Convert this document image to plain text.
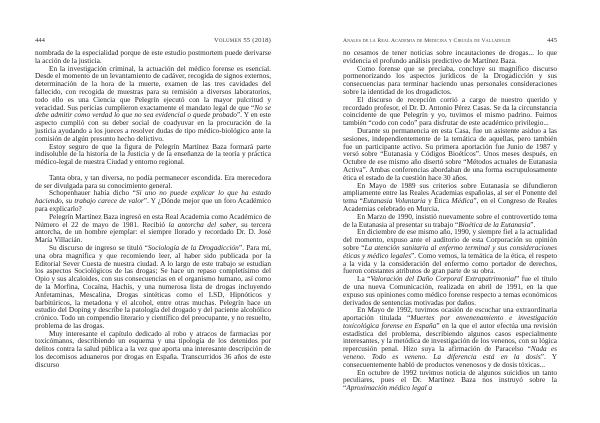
444	Volumen 55 (2018)	Anales de la Real Academia de Medicina y Cirugía de Valladolid	445

nombrada de la especialidad porque de este estudio postmortem puede derivarse la acción de la justicia.

En la investigación criminal, la actuación del médico forense es esencial. Desde el momento de un levantamiento de cadáver, recogida de signos externos, determinación de la hora de la muerte, examen de las tres cavidades del fallecido, con recogida de muestras para su remisión a diversos laboratorios, todo ello es una Ciencia que Pelegrín ejecutó con la mayor pulcritud y veracidad. Sus pericias cumplieron exactamente el mandato legal de que “No se debe admitir como verdad lo que no sea evidencial o quede probado”. Y en este aspecto cumplió con su deber social de coadyuvar en la procuración de la justicia ayudando a los jueces a resolver dudas de tipo médico-biológico ante la comisión de algún presunto hecho delictivo.

Estoy seguro de que la figura de Pelegrín Martínez Baza formará parte indisoluble de la historia de la Justicia y de la enseñanza de la teoría y práctica médico-legal de nuestra Ciudad y entorno regional.

Tanta obra, y tan diversa, no podía permanecer escondida. Era merecedora de ser divulgada para su conocimiento general.

Schopenhauer había dicho “Si uno no puede explicar lo que ha estado haciendo, su trabajo carece de valor”. Y ¿Dónde mejor que un foro Académico para explicarlo?

Pelegrín Martínez Baza ingresó en esta Real Academia como Académico de Número el 22 de mayo de 1981. Recibió la antorcha del saber, su tercera antorcha, de un hombre ejemplar: el siempre llorado y recordado Dr. D. José María Villacián.

Su discurso de ingreso se tituló “Sociología de la Drogadicción”. Para mí, una obra magnífica y que recomiendo leer, al haber sido publicada por la Editorial Sever Cuesta de nuestra ciudad. A lo largo de este trabajo se estudian los aspectos Sociológicos de las drogas; Se hace un repaso completísimo del Opio y sus alcaloides, con sus consecuencias en el organismo humano, así como de la Morfina, Cocaína, Hachís, y una numerosa lista de drogas incluyendo Anfetaminas, Mescalina, Drogas sintéticas como el LSD, Hipnóticos y barbitúricos, la metadona y el alcohol, entre otras muchas. Pelegrín hace un estudio del Doping y describe la patología del drogado y del paciente alcohólico crónico. Todo un compendio literario y científico del preocupante, y no resuelto, problema de las drogas.

Muy interesante el capítulo dedicado al robo y atracos de farmacias por toxicómanos, describiendo un esquema y una tipología de los detenidos por delitos contra la salud pública a la vez que aporta una interesante descripción de los decomisos aduaneros por drogas en España. Transcurridos 36 años de este discurso

no cesamos de tener noticias sobre incautaciones de drogas... lo que evidencia el profundo análisis predictivo de Martínez Baza.

Como forense que se preciaba, concluye su magnífico discurso pormenorizando los aspectos jurídicos de la Drogadicción y sus consecuencias para terminar haciendo unas personales consideraciones sobre la identidad de los drogadictos.

El discurso de recepción corrió a cargo de nuestro querido y recordado profesor, el Dr. D. Antonio Pérez Casas. Se da la circunstancia coincidente de que Pelegrín y yo, tuvimos el mismo padrino. Fuimos también “codo con codo” para disfrutar de este académico privilegio...

Durante su permanencia en esta Casa, fue un asistente asiduo a las sesiones, independientemente de la temática de aquellas, pero también fue un participante activo. Su primera aportación fue Junio de 1987 y versó sobre “Eutanasia y Códigos Bioéticos”. Unos meses después, en Octubre de ese mismo año disertó sobre “Métodos actuales de Eutanasia Activa”. Ambas conferencias abordaban de una forma escrupulosamente ética el estado de la cuestión hace 30 años.

En Mayo de 1989 sus criterios sobre Eutanasia se difundieron ampliamente entre las Reales Academias españolas, al ser el Ponente del tema “Eutanasia Voluntaria y Ética Médica”, en el Congreso de Reales Academias celebrado en Murcia.

En Marzo de 1990, insistió nuevamente sobre el controvertido tema de la Eutanasia al presentar su trabajo “Bioética de la Eutanasia”.

En diciembre de ese mismo año, 1990, y siempre fiel a la actualidad del momento, expuso ante el auditorio de esta Corporación su opinión sobre “La atención sanitaria al enfermo terminal y sus consideraciones éticas y médico legales”. Como vemos, la temática de la ética, el respeto a la vida y la consideración del enfermo como portador de derechos, fueron constantes atributos de gran parte de su obra.

La “Valoración del Daño Corporal Extrapatrimonial” fue el título de una nueva Comunicación, realizada en abril de 1991, en la que expuso sus opiniones como médico forense respecto a temas económicos derivados de sentencias motivadas por daños.

En Mayo de 1992, tuvimos ocasión de escuchar una extraordinaria aportación titulada “Muertes por envenenamiento e investigación toxicológica forense en España” en la que el autor efectúa una revisión estadística del problema, describiendo algunos casos especialmente interesantes, y la metódica de investigación de los venenos, con su lógica repercusión penal. Hizo suya la afirmación de Paracelso “Nada es veneno. Todo es veneno. La diferencia está en la dosis”. Y consecuentemente habló de productos venenosos y de dosis tóxicas...

En octubre de 1992 tuvimos noticia de algunos suicidios un tanto peculiares, pues el Dr. Martínez Baza nos instruyó sobre la “Aproximación médico legal a
